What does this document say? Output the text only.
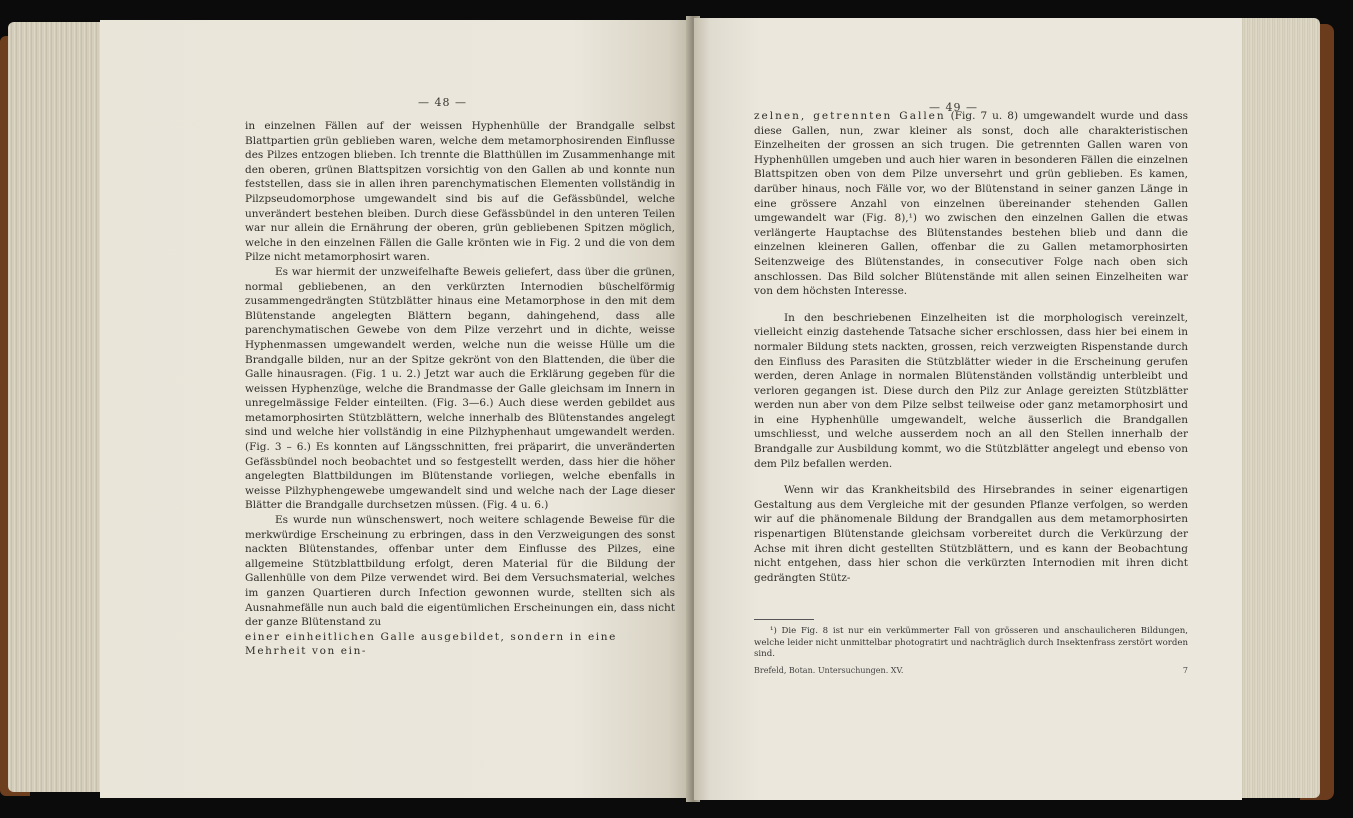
— 48 —

in einzelnen Fällen auf der weissen Hyphenhülle der Brandgalle selbst Blattpartien grün geblieben waren, welche dem metamorphosirenden Einflusse des Pilzes entzogen blieben. Ich trennte die Blatthüllen im Zusammenhange mit den oberen, grünen Blattspitzen vorsichtig von den Gallen ab und konnte nun feststellen, dass sie in allen ihren parenchymatischen Elementen vollständig in Pilzpseudomorphose umgewandelt sind bis auf die Gefässbündel, welche unverändert bestehen bleiben. Durch diese Gefässbündel in den unteren Teilen war nur allein die Ernährung der oberen, grün gebliebenen Spitzen möglich, welche in den einzelnen Fällen die Galle krönten wie in Fig. 2 und die von dem Pilze nicht metamorphosirt waren.

Es war hiermit der unzweifelhafte Beweis geliefert, dass über die grünen, normal gebliebenen, an den verkürzten Internodien büschelförmig zusammengedrängten Stützblätter hinaus eine Metamorphose in den mit dem Blütenstande angelegten Blättern begann, dahingehend, dass alle parenchymatischen Gewebe von dem Pilze verzehrt und in dichte, weisse Hyphenmassen umgewandelt werden, welche nun die weisse Hülle um die Brandgalle bilden, nur an der Spitze gekrönt von den Blattenden, die über die Galle hinausragen. (Fig. 1 u. 2.) Jetzt war auch die Erklärung gegeben für die weissen Hyphenzüge, welche die Brandmasse der Galle gleichsam im Innern in unregelmässige Felder einteilten. (Fig. 3—6.) Auch diese werden gebildet aus metamorphosirten Stützblättern, welche innerhalb des Blütenstandes angelegt sind und welche hier vollständig in eine Pilzhyphenhaut umgewandelt werden. (Fig. 3 – 6.) Es konnten auf Längsschnitten, frei präparirt, die unveränderten Gefässbündel noch beobachtet und so festgestellt werden, dass hier die höher angelegten Blattbildungen im Blütenstande vorliegen, welche ebenfalls in weisse Pilzhyphengewebe umgewandelt sind und welche nach der Lage dieser Blätter die Brandgalle durchsetzen müssen. (Fig. 4 u. 6.)

Es wurde nun wünschenswert, noch weitere schlagende Beweise für die merkwürdige Erscheinung zu erbringen, dass in den Verzweigungen des sonst nackten Blütenstandes, offenbar unter dem Einflusse des Pilzes, eine allgemeine Stützblattbildung erfolgt, deren Material für die Bildung der Gallenhülle von dem Pilze verwendet wird. Bei dem Versuchsmaterial, welches im ganzen Quartieren durch Infection gewonnen wurde, stellten sich als Ausnahmefälle nun auch bald die eigentümlichen Erscheinungen ein, dass nicht der ganze Blütenstand zu

einer einheitlichen Galle ausgebildet, sondern in eine Mehrheit von ein-

— 49 —

zelnen, getrennten Gallen (Fig. 7 u. 8) umgewandelt wurde und dass diese Gallen, nun, zwar kleiner als sonst, doch alle charakteristischen Einzelheiten der grossen an sich trugen. Die getrennten Gallen waren von Hyphenhüllen umgeben und auch hier waren in besonderen Fällen die einzelnen Blattspitzen oben von dem Pilze unversehrt und grün geblieben. Es kamen, darüber hinaus, noch Fälle vor, wo der Blütenstand in seiner ganzen Länge in eine grössere Anzahl von einzelnen übereinander stehenden Gallen umgewandelt war (Fig. 8),¹) wo zwischen den einzelnen Gallen die etwas verlängerte Hauptachse des Blütenstandes bestehen blieb und dann die einzelnen kleineren Gallen, offenbar die zu Gallen metamorphosirten Seitenzweige des Blütenstandes, in consecutiver Folge nach oben sich anschlossen. Das Bild solcher Blütenstände mit allen seinen Einzelheiten war von dem höchsten Interesse.

In den beschriebenen Einzelheiten ist die morphologisch vereinzelt, vielleicht einzig dastehende Tatsache sicher erschlossen, dass hier bei einem in normaler Bildung stets nackten, grossen, reich verzweigten Rispenstande durch den Einfluss des Parasiten die Stützblätter wieder in die Erscheinung gerufen werden, deren Anlage in normalen Blütenständen vollständig unterbleibt und verloren gegangen ist. Diese durch den Pilz zur Anlage gereizten Stützblätter werden nun aber von dem Pilze selbst teilweise oder ganz metamorphosirt und in eine Hyphenhülle umgewandelt, welche äusserlich die Brandgallen umschliesst, und welche ausserdem noch an all den Stellen innerhalb der Brandgalle zur Ausbildung kommt, wo die Stützblätter angelegt und ebenso von dem Pilz befallen werden.

Wenn wir das Krankheitsbild des Hirsebrandes in seiner eigenartigen Gestaltung aus dem Vergleiche mit der gesunden Pflanze verfolgen, so werden wir auf die phänomenale Bildung der Brandgallen aus dem metamorphosirten rispenartigen Blütenstande gleichsam vorbereitet durch die Verkürzung der Achse mit ihren dicht gestellten Stützblättern, und es kann der Beobachtung nicht entgehen, dass hier schon die verkürzten Internodien mit ihren dicht gedrängten Stütz-

¹) Die Fig. 8 ist nur ein verkümmerter Fall von grösseren und anschaulicheren Bildungen, welche leider nicht unmittelbar photogratirt und nachträglich durch Insektenfrass zerstört worden sind.

Brefeld, Botan. Untersuchungen. XV.	7
